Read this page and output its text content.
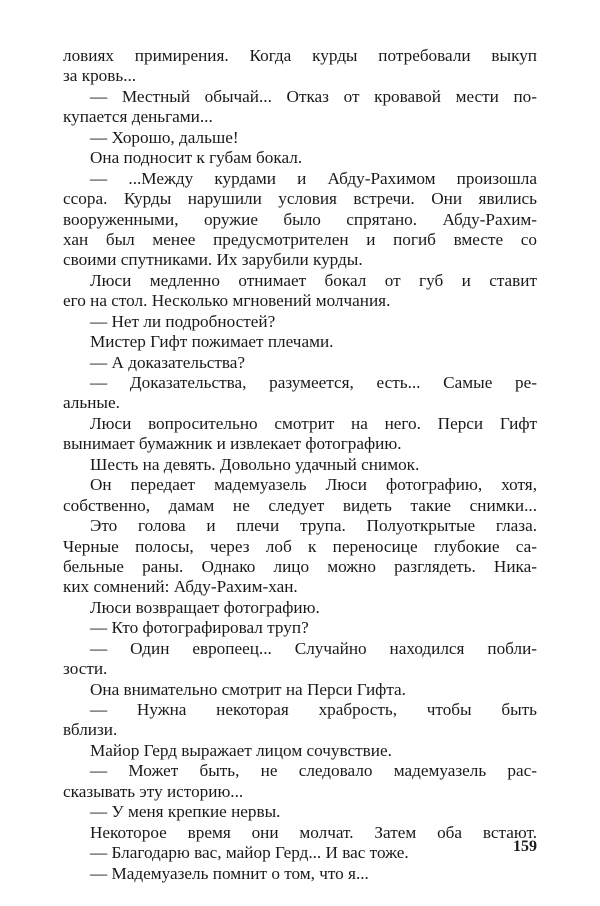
ловиях примирения. Когда курды потребовали выкуп
за кровь...
— Местный обычай... Отказ от кровавой мести по-
купается деньгами...
— Хорошо, дальше!
Она подносит к губам бокал.
— ...Между курдами и Абду-Рахимом произошла
ссора. Курды нарушили условия встречи. Они явились
вооруженными, оружие было спрятано. Абду-Рахим-
хан был менее предусмотрителен и погиб вместе со
своими спутниками. Их зарубили курды.
Люси медленно отнимает бокал от губ и ставит
его на стол. Несколько мгновений молчания.
— Нет ли подробностей?
Мистер Гифт пожимает плечами.
— А доказательства?
— Доказательства, разумеется, есть... Самые ре-
альные.
Люси вопросительно смотрит на него. Перси Гифт
вынимает бумажник и извлекает фотографию.
Шесть на девять. Довольно удачный снимок.
Он передает мадемуазель Люси фотографию, хотя,
собственно, дамам не следует видеть такие снимки...
Это голова и плечи трупа. Полуоткрытые глаза.
Черные полосы, через лоб к переносице глубокие са-
бельные раны. Однако лицо можно разглядеть. Ника-
ких сомнений: Абду-Рахим-хан.
Люси возвращает фотографию.
— Кто фотографировал труп?
— Один европеец... Случайно находился побли-
зости.
Она внимательно смотрит на Перси Гифта.
— Нужна некоторая храбрость, чтобы быть
вблизи.
Майор Герд выражает лицом сочувствие.
— Может быть, не следовало мадемуазель рас-
сказывать эту историю...
— У меня крепкие нервы.
Некоторое время они молчат. Затем оба встают.
— Благодарю вас, майор Герд... И вас тоже.
— Мадемуазель помнит о том, что я...
159
